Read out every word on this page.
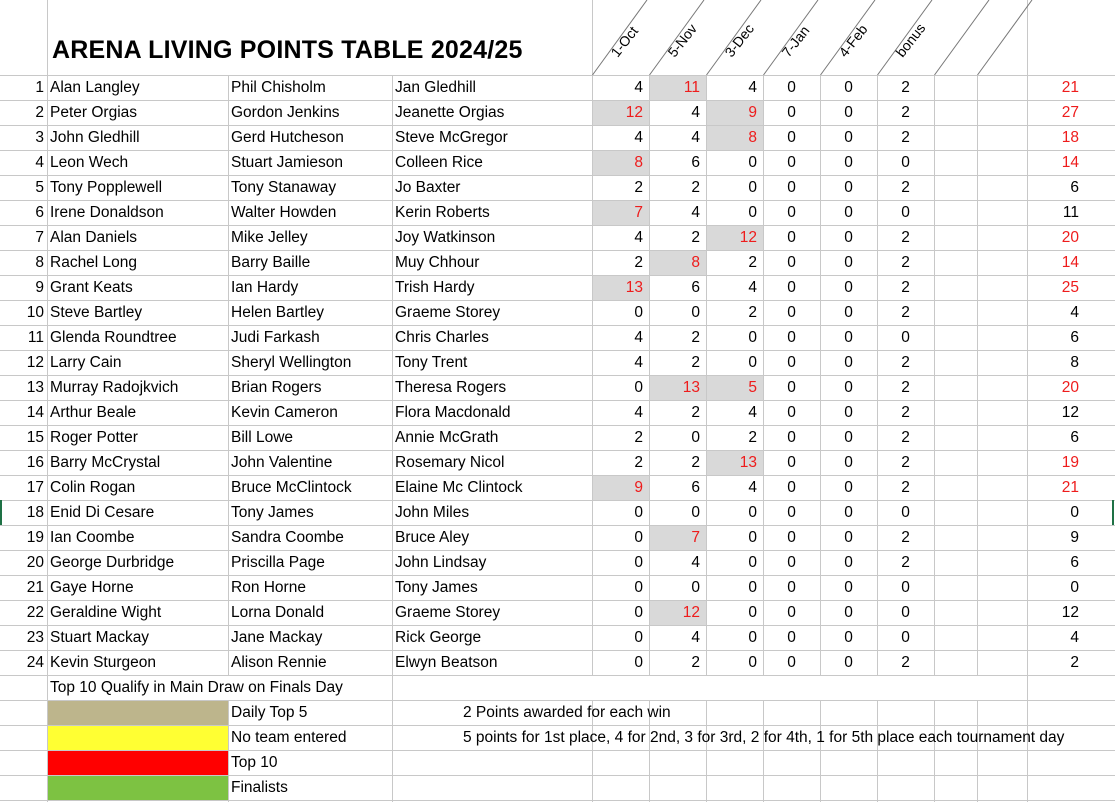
ARENA LIVING POINTS TABLE 2024/25	1-Oct 5-Nov 3-Dec 7-Jan 4-Feb bonus
1 Alan Langley	Phil Chisholm	Jan Gledhill	4	11	4	0	0	2	21
2 Peter Orgias	Gordon Jenkins	Jeanette Orgias	12	4	9	0	0	2	27
3 John Gledhill	Gerd Hutcheson	Steve McGregor	4	4	8	0	0	2	18
4 Leon Wech	Stuart Jamieson	Colleen Rice	8	6	0	0	0	0	14
5 Tony Popplewell	Tony Stanaway	Jo Baxter	2	2	0	0	0	2	6
6 Irene Donaldson	Walter Howden	Kerin Roberts	7	4	0	0	0	0	11
7 Alan Daniels	Mike Jelley	Joy Watkinson	4	2	12	0	0	2	20
8 Rachel Long	Barry Baille	Muy Chhour	2	8	2	0	0	2	14
9 Grant Keats	Ian Hardy	Trish Hardy	13	6	4	0	0	2	25
10 Steve Bartley	Helen Bartley	Graeme Storey	0	0	2	0	0	2	4
11 Glenda Roundtree	Judi Farkash	Chris Charles	4	2	0	0	0	0	6
12 Larry Cain	Sheryl Wellington	Tony Trent	4	2	0	0	0	2	8
13 Murray Radojkvich	Brian Rogers	Theresa Rogers	0	13	5	0	0	2	20
14 Arthur Beale	Kevin Cameron	Flora Macdonald	4	2	4	0	0	2	12
15 Roger Potter	Bill Lowe	Annie McGrath	2	0	2	0	0	2	6
16 Barry McCrystal	John Valentine	Rosemary Nicol	2	2	13	0	0	2	19
17 Colin Rogan	Bruce McClintock	Elaine Mc Clintock	9	6	4	0	0	2	21
18 Enid Di Cesare	Tony James	John Miles	0	0	0	0	0	0	0
19 Ian Coombe	Sandra Coombe	Bruce Aley	0	7	0	0	0	2	9
20 George Durbridge	Priscilla Page	John Lindsay	0	4	0	0	0	2	6
21 Gaye Horne	Ron Horne	Tony James	0	0	0	0	0	0	0
22 Geraldine Wight	Lorna Donald	Graeme Storey	0	12	0	0	0	0	12
23 Stuart Mackay	Jane Mackay	Rick George	0	4	0	0	0	0	4
24 Kevin Sturgeon	Alison Rennie	Elwyn Beatson	0	2	0	0	0	2	2
Top 10 Qualify in Main Draw on Finals Day
Daily Top 5
No team entered
Top 10
Finalists
2 Points awarded for each win
5 points for 1st place, 4 for 2nd, 3 for 3rd, 2 for 4th, 1 for 5th place each tournament day
